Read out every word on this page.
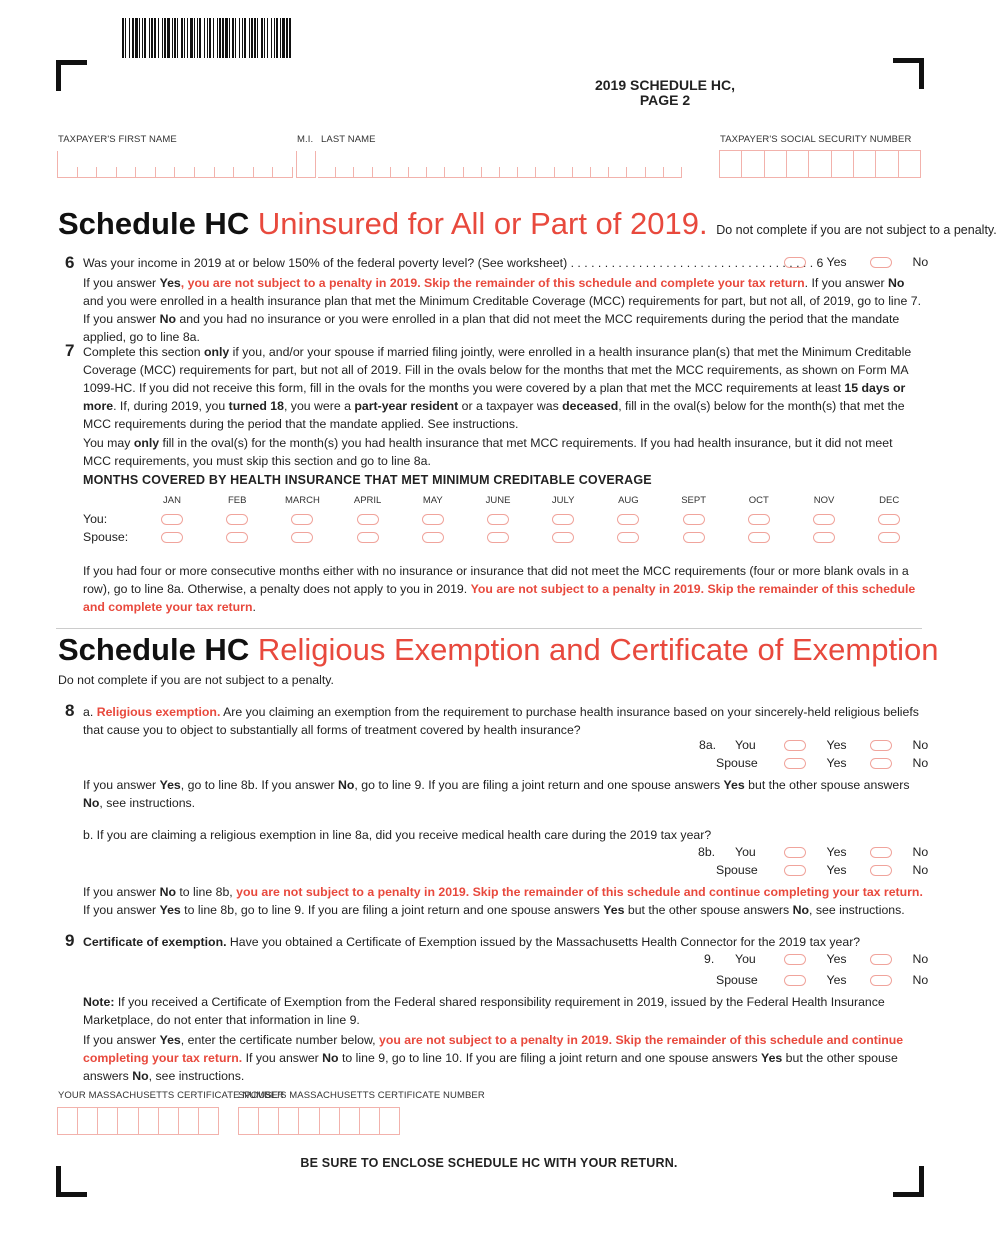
2019 SCHEDULE HC,
PAGE 2
TAXPAYER'S FIRST NAME	M.I. LAST NAME	TAXPAYER'S SOCIAL SECURITY NUMBER
Schedule HC Uninsured for All or Part of 2019. Do not complete if you are not subject to a penalty.
6 Was your income in 2019 at or below 150% of the federal poverty level? (See worksheet) . . . . . . . . . . . . . . . . . . . . . . . . . . . . . . . . . . . . 6 Yes	No
If you answer Yes, you are not subject to a penalty in 2019. Skip the remainder of this schedule and complete your tax return. If you answer No and you were enrolled in a health insurance plan that met the Minimum Creditable Coverage (MCC) requirements for part, but not all, of 2019, go to line 7. If you answer No and you had no insurance or you were enrolled in a plan that did not meet the MCC requirements during the period that the mandate applied, go to line 8a.
7 Complete this section only if you, and/or your spouse if married filing jointly, were enrolled in a health insurance plan(s) that met the Minimum Creditable Coverage (MCC) requirements for part, but not all of 2019. Fill in the ovals below for the months that met the MCC requirements, as shown on Form MA 1099-HC. If you did not receive this form, fill in the ovals for the months you were covered by a plan that met the MCC requirements at least 15 days or more. If, during 2019, you turned 18, you were a part-year resident or a taxpayer was deceased, fill in the oval(s) below for the month(s) that met the MCC requirements during the period that the mandate applied. See instructions.
You may only fill in the oval(s) for the month(s) you had health insurance that met MCC requirements. If you had health insurance, but it did not meet MCC requirements, you must skip this section and go to line 8a.
MONTHS COVERED BY HEALTH INSURANCE THAT MET MINIMUM CREDITABLE COVERAGE
JAN	FEB	MARCH	APRIL	MAY	JUNE	JULY	AUG	SEPT	OCT	NOV	DEC
You:
Spouse:
If you had four or more consecutive months either with no insurance or insurance that did not meet the MCC requirements (four or more blank ovals in a row), go to line 8a. Otherwise, a penalty does not apply to you in 2019. You are not subject to a penalty in 2019. Skip the remainder of this schedule and complete your tax return.
Schedule HC Religious Exemption and Certificate of Exemption
Do not complete if you are not subject to a penalty.
8 a. Religious exemption. Are you claiming an exemption from the requirement to purchase health insurance based on your sincerely-held religious beliefs that cause you to object to substantially all forms of treatment covered by health insurance?
8a. You	Yes	No
Spouse	Yes	No
If you answer Yes, go to line 8b. If you answer No, go to line 9. If you are filing a joint return and one spouse answers Yes but the other spouse answers No, see instructions.
b. If you are claiming a religious exemption in line 8a, did you receive medical health care during the 2019 tax year?
8b. You	Yes	No
Spouse	Yes	No
If you answer No to line 8b, you are not subject to a penalty in 2019. Skip the remainder of this schedule and continue completing your tax return.
If you answer Yes to line 8b, go to line 9. If you are filing a joint return and one spouse answers Yes but the other spouse answers No, see instructions.
9 Certificate of exemption. Have you obtained a Certificate of Exemption issued by the Massachusetts Health Connector for the 2019 tax year?
9. You	Yes	No
Spouse	Yes	No
Note: If you received a Certificate of Exemption from the Federal shared responsibility requirement in 2019, issued by the Federal Health Insurance Marketplace, do not enter that information in line 9.
If you answer Yes, enter the certificate number below, you are not subject to a penalty in 2019. Skip the remainder of this schedule and continue completing your tax return. If you answer No to line 9, go to line 10. If you are filing a joint return and one spouse answers Yes but the other spouse answers No, see instructions.
YOUR MASSACHUSETTS CERTIFICATE NUMBER
SPOUSE'S MASSACHUSETTS CERTIFICATE NUMBER
BE SURE TO ENCLOSE SCHEDULE HC WITH YOUR RETURN.
